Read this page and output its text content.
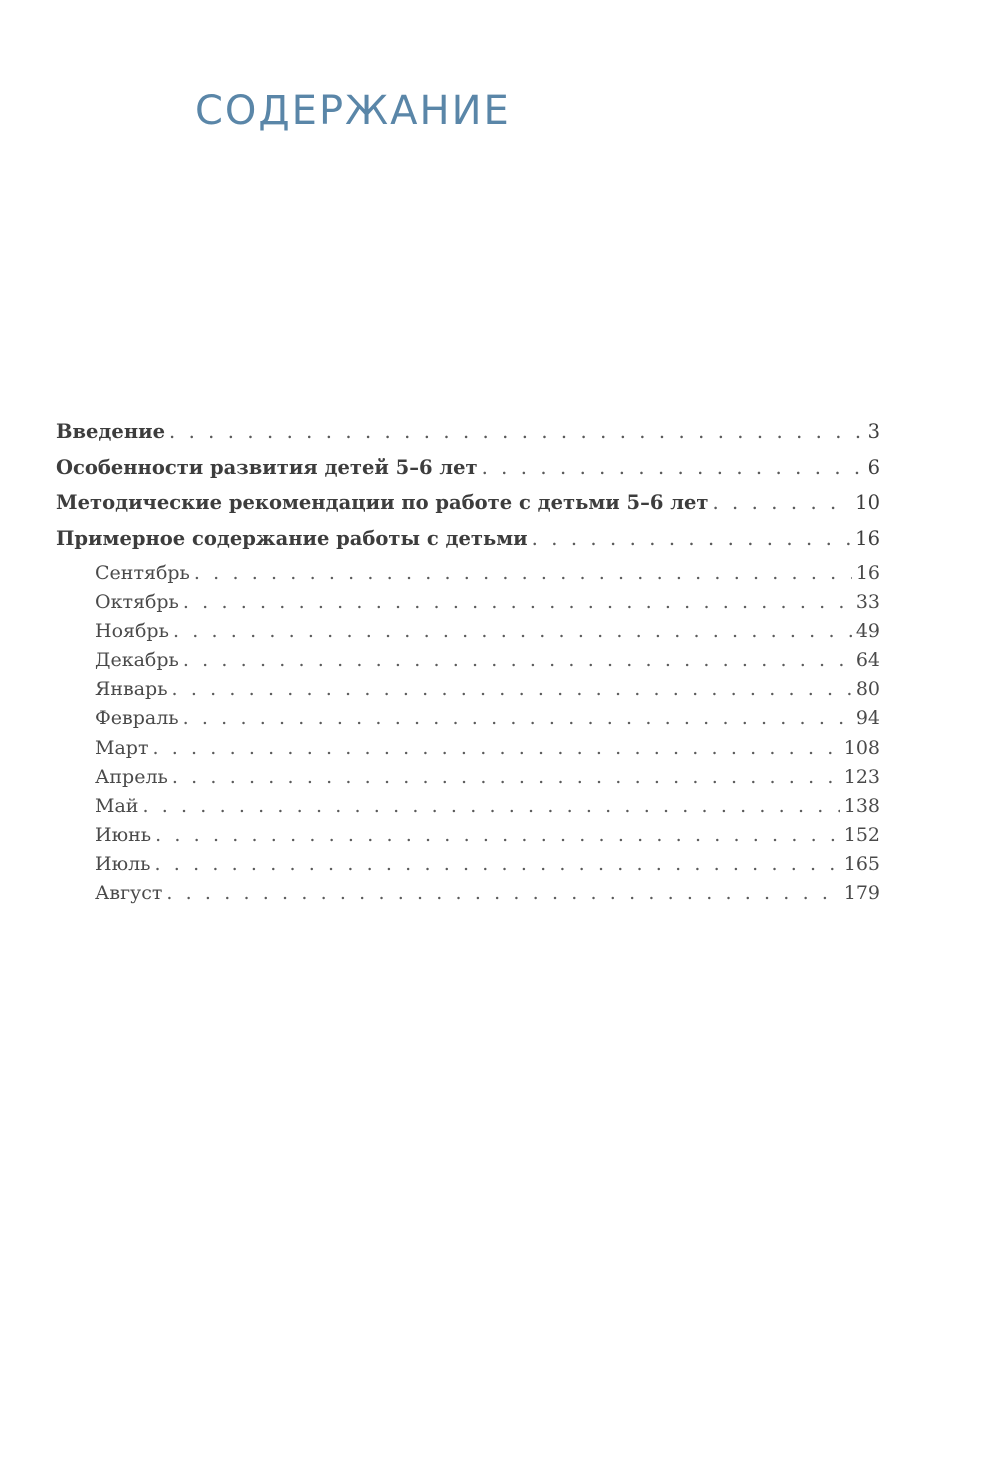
СОДЕРЖАНИЕ
Введение . . .	3
Особенности развития детей 5–6 лет . . .	6
Методические рекомендации по работе с детьми 5–6 лет . . .	10
Примерное содержание работы с детьми . . .	16
Сентябрь . . .	16
Октябрь . . .	33
Ноябрь . . .	49
Декабрь . . .	64
Январь . . .	80
Февраль . . .	94
Март . . .	108
Апрель . . .	123
Май . . .	138
Июнь . . .	152
Июль . . .	165
Август . . .	179
